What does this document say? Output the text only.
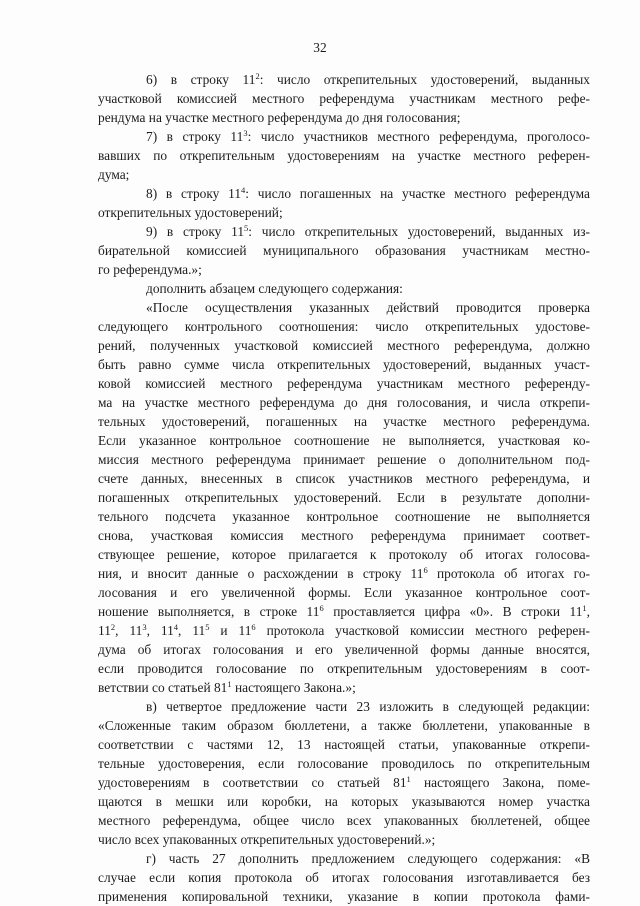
32

6) в строку $11^2$: число открепительных удостоверений, выданных

участковой комиссией местного референдума участникам местного рефе-

рендума на участке местного референдума до дня голосования;

7) в строку $11^3$: число участников местного референдума, проголосо-

вавших по открепительным удостоверениям на участке местного референ-

дума;

8) в строку $11^4$: число погашенных на участке местного референдума

открепительных удостоверений;

9) в строку $11^5$: число открепительных удостоверений, выданных из-

бирательной комиссией муниципального образования участникам местно-

го референдума.»;

дополнить абзацем следующего содержания:

«После осуществления указанных действий проводится проверка

следующего контрольного соотношения: число открепительных удостове-

рений, полученных участковой комиссией местного референдума, должно

быть равно сумме числа открепительных удостоверений, выданных участ-

ковой комиссией местного референдума участникам местного референду-

ма на участке местного референдума до дня голосования, и числа открепи-

тельных удостоверений, погашенных на участке местного референдума.

Если указанное контрольное соотношение не выполняется, участковая ко-

миссия местного референдума принимает решение о дополнительном под-

счете данных, внесенных в список участников местного референдума, и

погашенных открепительных удостоверений. Если в результате дополни-

тельного подсчета указанное контрольное соотношение не выполняется

снова, участковая комиссия местного референдума принимает соответ-

ствующее решение, которое прилагается к протоколу об итогах голосова-

ния, и вносит данные о расхождении в строку $11^6$ протокола об итогах го-

лосования и его увеличенной формы. Если указанное контрольное соот-

ношение выполняется, в строке $11^6$ проставляется цифра «0». В строки $11^1$,

$11^2$, $11^3$, $11^4$, $11^5$ и $11^6$ протокола участковой комиссии местного референ-

дума об итогах голосования и его увеличенной формы данные вносятся,

если проводится голосование по открепительным удостоверениям в соот-

ветствии со статьей $81^1$ настоящего Закона.»;

в) четвертое предложение части 23 изложить в следующей редакции:

«Сложенные таким образом бюллетени, а также бюллетени, упакованные в

соответствии с частями 12, 13 настоящей статьи, упакованные открепи-

тельные удостоверения, если голосование проводилось по открепительным

удостоверениям в соответствии со статьей $81^1$ настоящего Закона, поме-

щаются в мешки или коробки, на которых указываются номер участка

местного референдума, общее число всех упакованных бюллетеней, общее

число всех упакованных открепительных удостоверений.»;

г) часть 27 дополнить предложением следующего содержания: «В

случае если копия протокола об итогах голосования изготавливается без

применения копировальной техники, указание в копии протокола фами-
